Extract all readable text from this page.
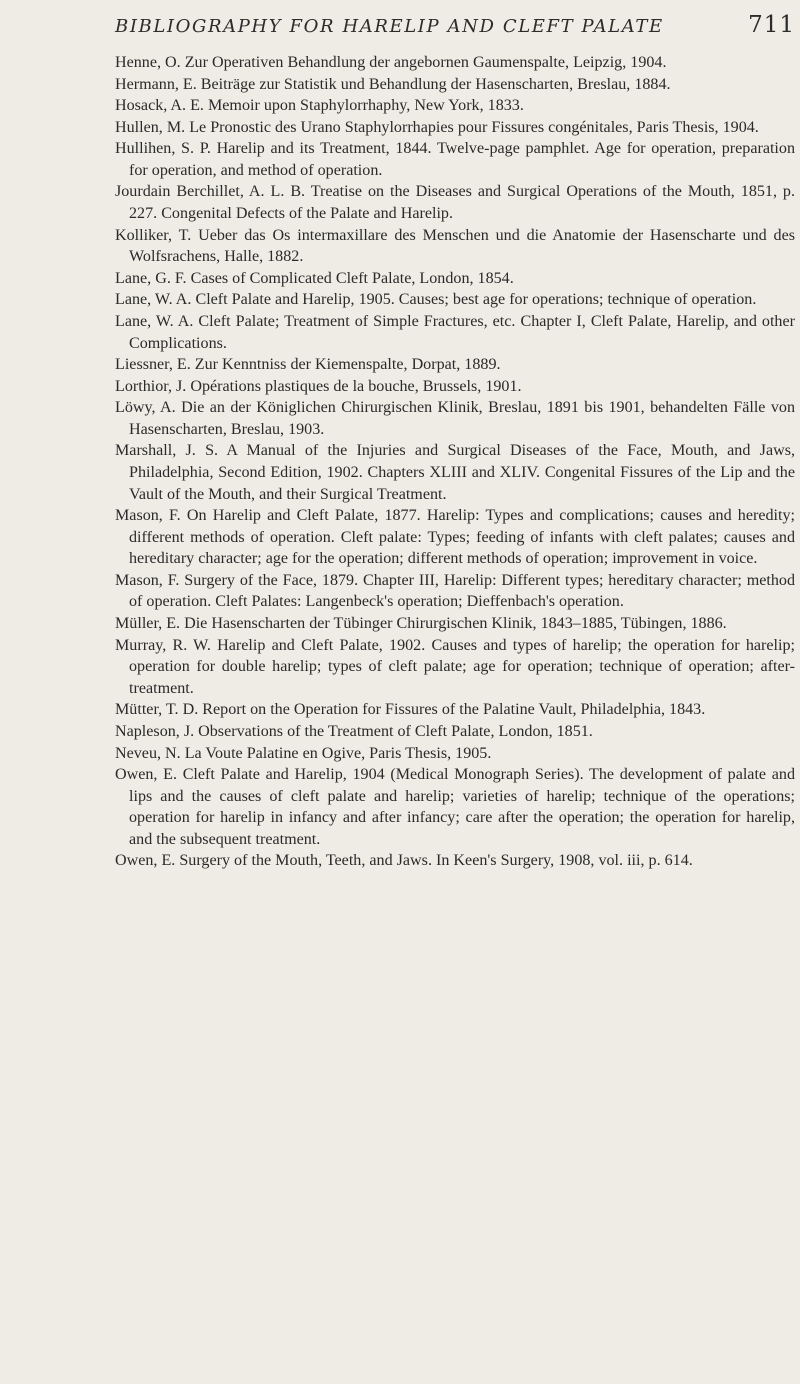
BIBLIOGRAPHY FOR HARELIP AND CLEFT PALATE	711
Henne, O. Zur Operativen Behandlung der angebornen Gaumenspalte, Leipzig, 1904.
Hermann, E. Beiträge zur Statistik und Behandlung der Hasenscharten, Breslau, 1884.
Hosack, A. E. Memoir upon Staphylorrhaphy, New York, 1833.
Hullen, M. Le Pronostic des Urano Staphylorrhapies pour Fissures congénitales, Paris Thesis, 1904.
Hullihen, S. P. Harelip and its Treatment, 1844. Twelve-page pamphlet. Age for operation, preparation for operation, and method of operation.
Jourdain Berchillet, A. L. B. Treatise on the Diseases and Surgical Operations of the Mouth, 1851, p. 227. Congenital Defects of the Palate and Harelip.
Kolliker, T. Ueber das Os intermaxillare des Menschen und die Anatomie der Hasenscharte und des Wolfsrachens, Halle, 1882.
Lane, G. F. Cases of Complicated Cleft Palate, London, 1854.
Lane, W. A. Cleft Palate and Harelip, 1905. Causes; best age for operations; technique of operation.
Lane, W. A. Cleft Palate; Treatment of Simple Fractures, etc. Chapter I, Cleft Palate, Harelip, and other Complications.
Liessner, E. Zur Kenntniss der Kiemenspalte, Dorpat, 1889.
Lorthior, J. Opérations plastiques de la bouche, Brussels, 1901.
Löwy, A. Die an der Königlichen Chirurgischen Klinik, Breslau, 1891 bis 1901, behandelten Fälle von Hasenscharten, Breslau, 1903.
Marshall, J. S. A Manual of the Injuries and Surgical Diseases of the Face, Mouth, and Jaws, Philadelphia, Second Edition, 1902. Chapters XLIII and XLIV. Congenital Fissures of the Lip and the Vault of the Mouth, and their Surgical Treatment.
Mason, F. On Harelip and Cleft Palate, 1877. Harelip: Types and complications; causes and heredity; different methods of operation. Cleft palate: Types; feeding of infants with cleft palates; causes and hereditary character; age for the operation; different methods of operation; improvement in voice.
Mason, F. Surgery of the Face, 1879. Chapter III, Harelip: Different types; hereditary character; method of operation. Cleft Palates: Langenbeck's operation; Dieffenbach's operation.
Müller, E. Die Hasenscharten der Tübinger Chirurgischen Klinik, 1843–1885, Tübingen, 1886.
Murray, R. W. Harelip and Cleft Palate, 1902. Causes and types of harelip; the operation for harelip; operation for double harelip; types of cleft palate; age for operation; technique of operation; after-treatment.
Mütter, T. D. Report on the Operation for Fissures of the Palatine Vault, Philadelphia, 1843.
Napleson, J. Observations of the Treatment of Cleft Palate, London, 1851.
Neveu, N. La Voute Palatine en Ogive, Paris Thesis, 1905.
Owen, E. Cleft Palate and Harelip, 1904 (Medical Monograph Series). The development of palate and lips and the causes of cleft palate and harelip; varieties of harelip; technique of the operations; operation for harelip in infancy and after infancy; care after the operation; the operation for harelip, and the subsequent treatment.
Owen, E. Surgery of the Mouth, Teeth, and Jaws. In Keen's Surgery, 1908, vol. iii, p. 614.
